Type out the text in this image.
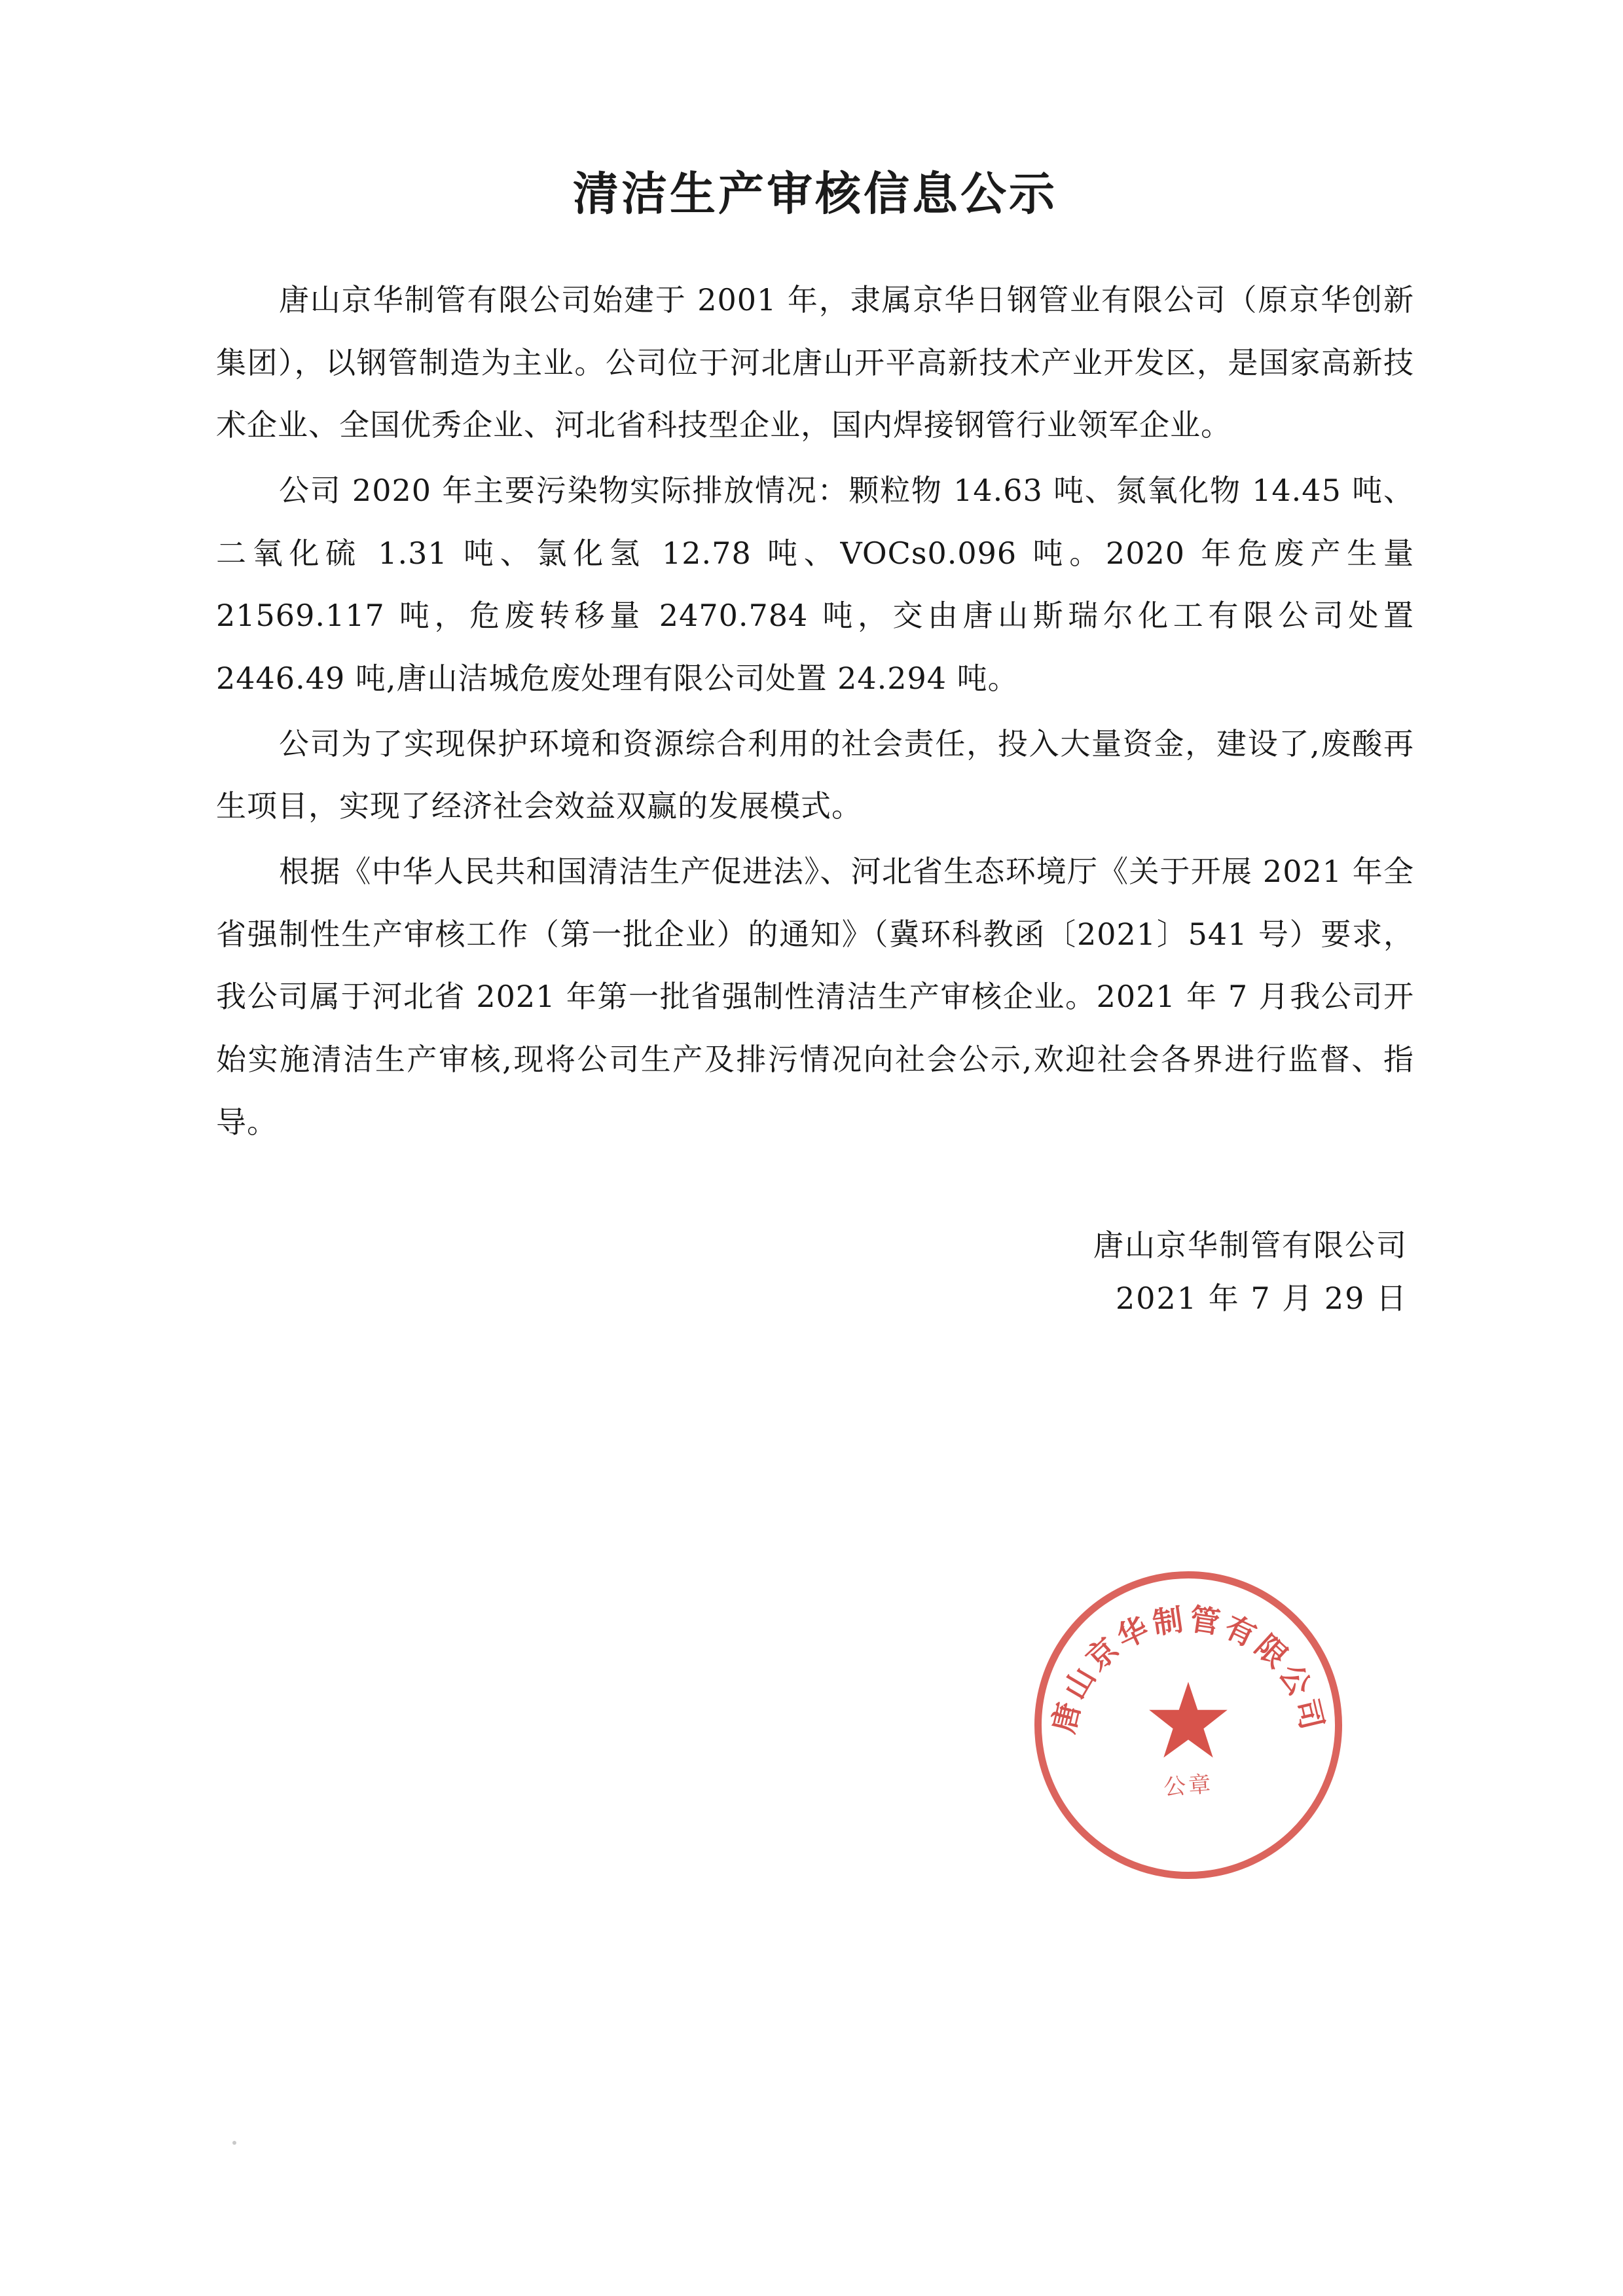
清洁生产审核信息公示

唐山京华制管有限公司始建于 2001 年，隶属京华日钢管业有限公司（原京华创新集团），以钢管制造为主业。公司位于河北唐山开平高新技术产业开发区，是国家高新技术企业、全国优秀企业、河北省科技型企业，国内焊接钢管行业领军企业。

公司 2020 年主要污染物实际排放情况：颗粒物 14.63 吨、氮氧化物 14.45 吨、二氧化硫 1.31 吨、氯化氢 12.78 吨、VOCs0.096 吨。2020 年危废产生量 21569.117 吨，危废转移量 2470.784 吨，交由唐山斯瑞尔化工有限公司处置 2446.49 吨,唐山洁城危废处理有限公司处置 24.294 吨。

公司为了实现保护环境和资源综合利用的社会责任，投入大量资金，建设了,废酸再生项目，实现了经济社会效益双赢的发展模式。

根据《中华人民共和国清洁生产促进法》、河北省生态环境厅《关于开展 2021 年全省强制性生产审核工作（第一批企业）的通知》（冀环科教函〔2021〕541 号）要求，我公司属于河北省 2021 年第一批省强制性清洁生产审核企业。2021 年 7 月我公司开始实施清洁生产审核,现将公司生产及排污情况向社会公示,欢迎社会各界进行监督、指导。

唐山京华制管有限公司
2021 年 7 月 29 日
唐山京华制管有限公司
公章
